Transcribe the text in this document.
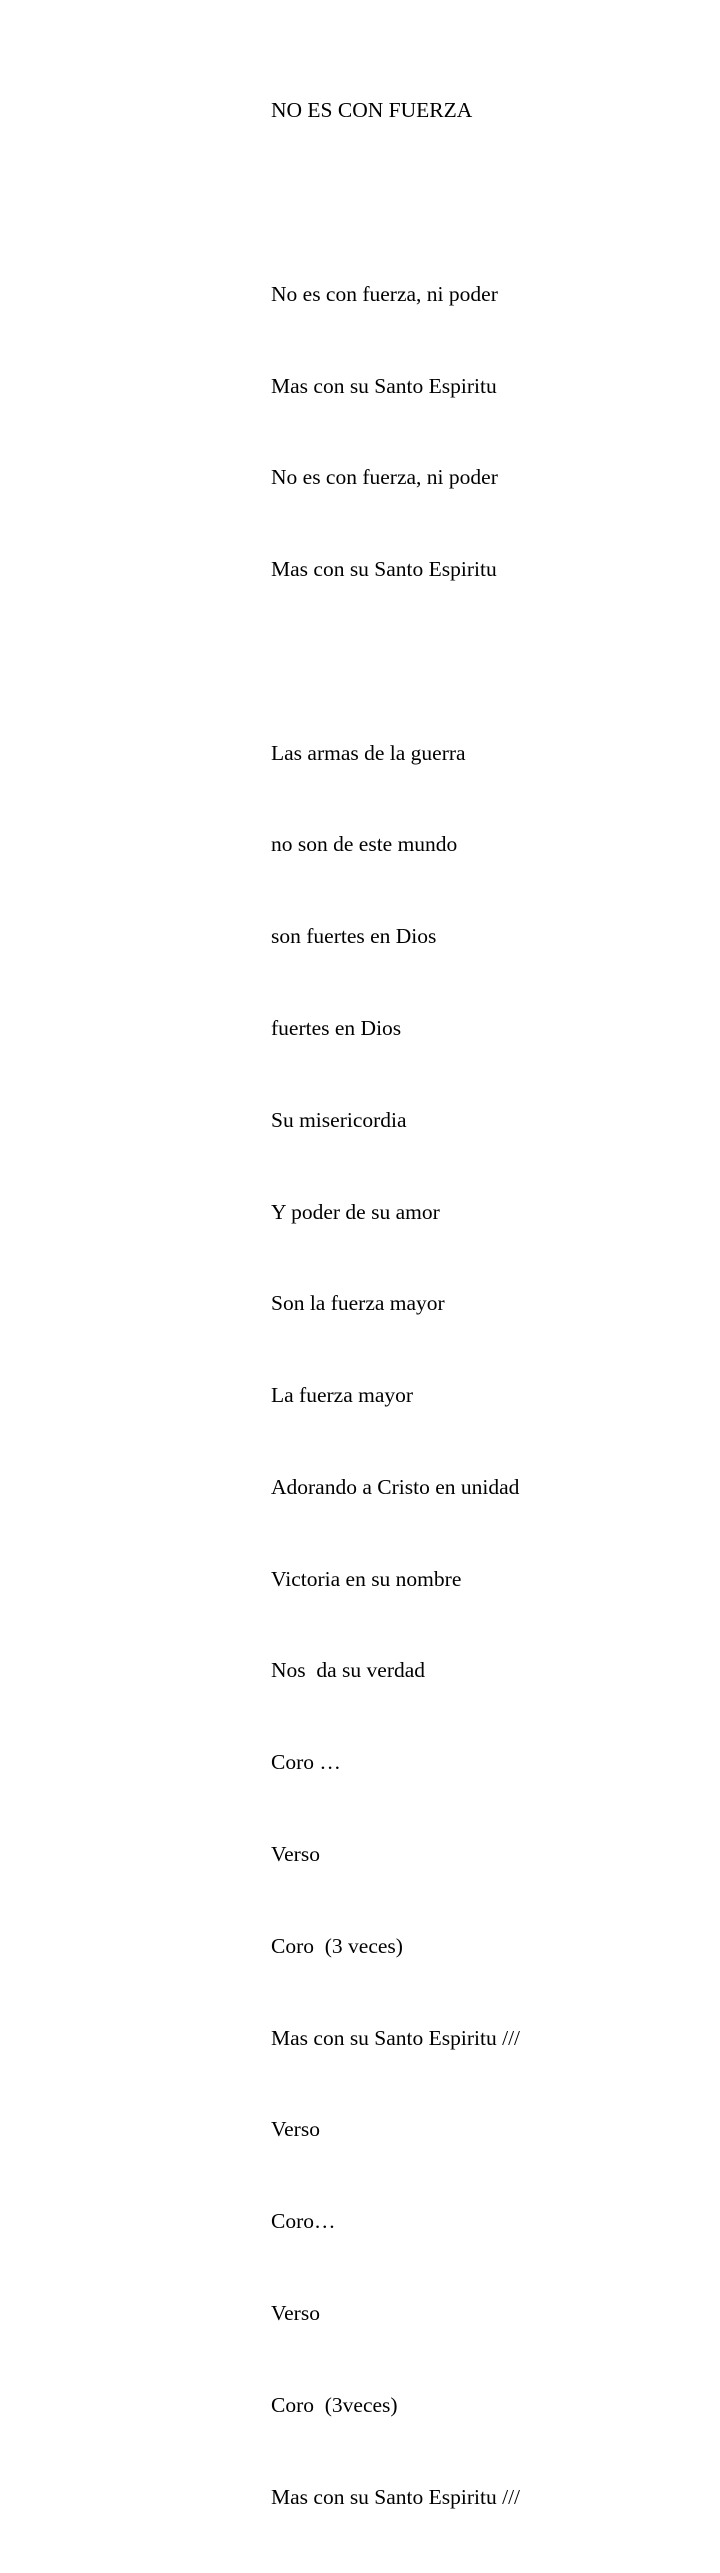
NO ES CON FUERZA

No es con fuerza, ni poder

Mas con su Santo Espiritu

No es con fuerza, ni poder

Mas con su Santo Espiritu

Las armas de la guerra

no son de este mundo

son fuertes en Dios

fuertes en Dios

Su misericordia

Y poder de su amor

Son la fuerza mayor

La fuerza mayor

Adorando a Cristo en unidad

Victoria en su nombre

Nos  da su verdad

Coro …

Verso

Coro  (3 veces)

Mas con su Santo Espiritu ///

Verso

Coro…

Verso

Coro  (3veces)

Mas con su Santo Espiritu ///
